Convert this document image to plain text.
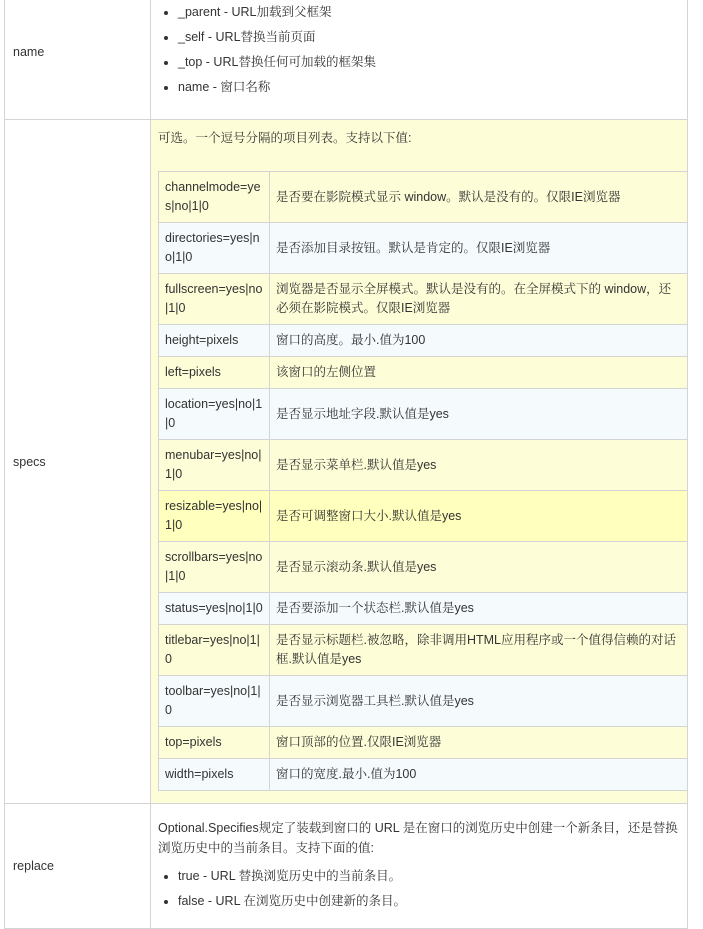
name	
• _parent - URL加载到父框架
• _self - URL替换当前页面
• _top - URL替换任何可加载的框架集
• name - 窗口名称

specs	
可选。一个逗号分隔的项目列表。支持以下值:
channelmode=yes|no|1|0	是否要在影院模式显示 window。默认是没有的。仅限IE浏览器
directories=yes|no|1|0	是否添加目录按钮。默认是肯定的。仅限IE浏览器
fullscreen=yes|no|1|0	浏览器是否显示全屏模式。默认是没有的。在全屏模式下的 window，还必须在影院模式。仅限IE浏览器
height=pixels	窗口的高度。最小.值为100
left=pixels	该窗口的左侧位置
location=yes|no|1|0	是否显示地址字段.默认值是yes
menubar=yes|no|1|0	是否显示菜单栏.默认值是yes
resizable=yes|no|1|0	是否可调整窗口大小.默认值是yes
scrollbars=yes|no|1|0	是否显示滚动条.默认值是yes
status=yes|no|1|0	是否要添加一个状态栏.默认值是yes
titlebar=yes|no|1|0	是否显示标题栏.被忽略，除非调用HTML应用程序或一个值得信赖的对话框.默认值是yes
toolbar=yes|no|1|0	是否显示浏览器工具栏.默认值是yes
top=pixels	窗口顶部的位置.仅限IE浏览器
width=pixels	窗口的宽度.最小.值为100

replace	
Optional.Specifies规定了装载到窗口的 URL 是在窗口的浏览历史中创建一个新条目，还是替换浏览历史中的当前条目。支持下面的值:
• true - URL 替换浏览历史中的当前条目。
• false - URL 在浏览历史中创建新的条目。
